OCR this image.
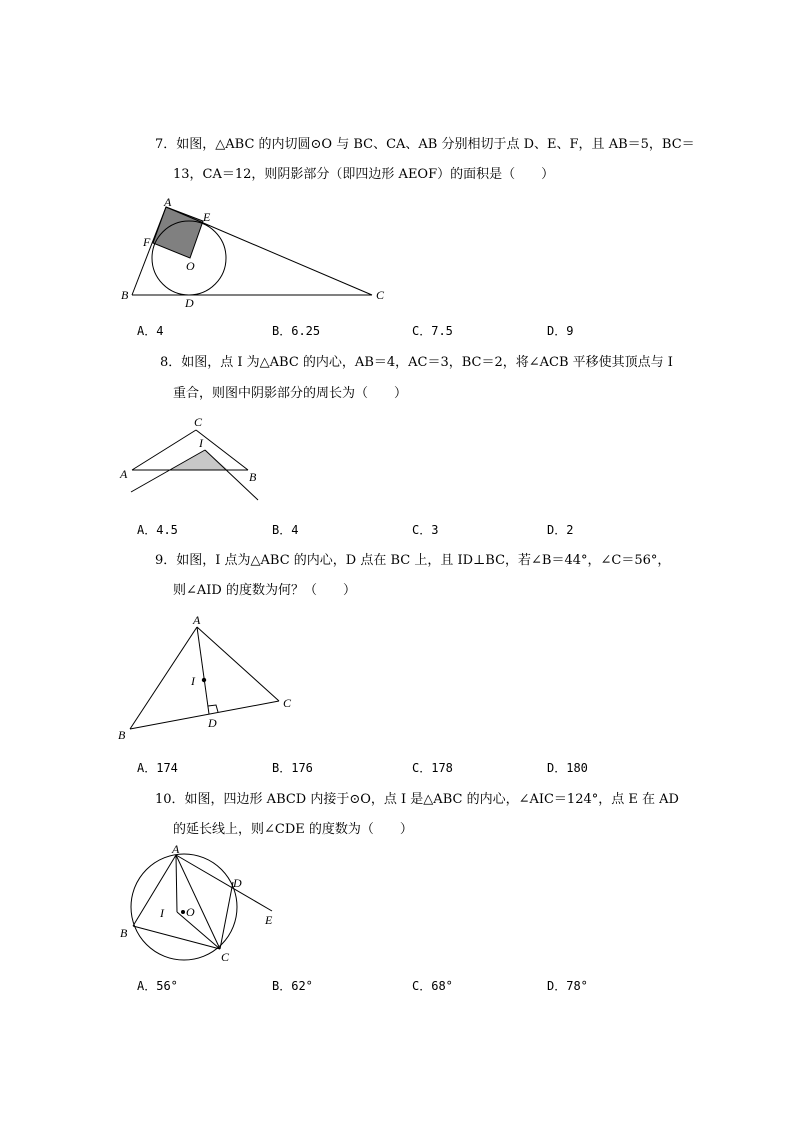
7．如图，△ABC 的内切圆⊙O 与 BC、CA、AB 分别相切于点 D、E、F，且 AB＝5，BC＝
13，CA＝12，则阴影部分（即四边形 AEOF）的面积是（　　）
A
E
F
O
B
D
C
A．4	B．6.25	C．7.5	D．9
8．如图，点 I 为△ABC 的内心，AB＝4，AC＝3，BC＝2，将∠ACB 平移使其顶点与 I
重合，则图中阴影部分的周长为（　　）
C
I
A	B
A．4.5	B．4	C．3	D．2
9．如图，I 点为△ABC 的内心，D 点在 BC 上，且 ID⊥BC，若∠B＝44°，∠C＝56°，
则∠AID 的度数为何？（　　）
A
I
C
B
D
A．174	B．176	C．178	D．180
10．如图，四边形 ABCD 内接于⊙O，点 I 是△ABC 的内心，∠AIC＝124°，点 E 在 AD
的延长线上，则∠CDE 的度数为（　　）
A
D
I O
E
B
C
A．56°	B．62°	C．68°	D．78°
